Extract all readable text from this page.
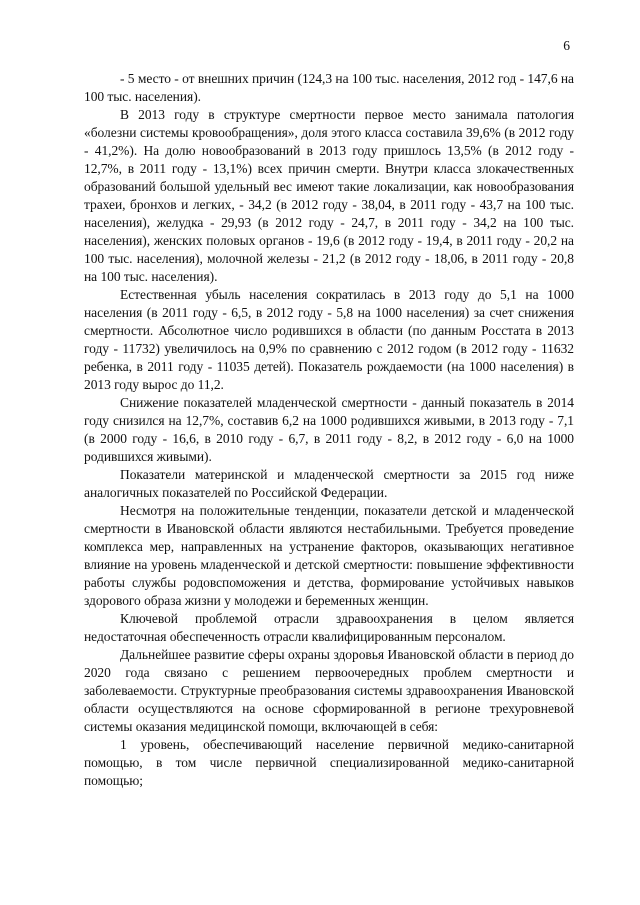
6

- 5 место - от внешних причин (124,3 на 100 тыс. населения, 2012 год - 147,6 на 100 тыс. населения).

В 2013 году в структуре смертности первое место занимала патология «болезни системы кровообращения», доля этого класса составила 39,6% (в 2012 году - 41,2%). На долю новообразований в 2013 году пришлось 13,5% (в 2012 году - 12,7%, в 2011 году - 13,1%) всех причин смерти. Внутри класса злокачественных образований большой удельный вес имеют такие локализации, как новообразования трахеи, бронхов и легких, - 34,2 (в 2012 году - 38,04, в 2011 году - 43,7 на 100 тыс. населения), желудка - 29,93 (в 2012 году - 24,7, в 2011 году - 34,2 на 100 тыс. населения), женских половых органов - 19,6 (в 2012 году - 19,4, в 2011 году - 20,2 на 100 тыс. населения), молочной железы - 21,2 (в 2012 году - 18,06, в 2011 году - 20,8 на 100 тыс. населения).

Естественная убыль населения сократилась в 2013 году до 5,1 на 1000 населения (в 2011 году - 6,5, в 2012 году - 5,8 на 1000 населения) за счет снижения смертности. Абсолютное число родившихся в области (по данным Росстата в 2013 году - 11732) увеличилось на 0,9% по сравнению с 2012 годом (в 2012 году - 11632 ребенка, в 2011 году - 11035 детей). Показатель рождаемости (на 1000 населения) в 2013 году вырос до 11,2.

Снижение показателей младенческой смертности - данный показатель в 2014 году снизился на 12,7%, составив 6,2 на 1000 родившихся живыми, в 2013 году - 7,1 (в 2000 году - 16,6, в 2010 году - 6,7, в 2011 году - 8,2, в 2012 году - 6,0 на 1000 родившихся живыми).

Показатели материнской и младенческой смертности за 2015 год ниже аналогичных показателей по Российской Федерации.

Несмотря на положительные тенденции, показатели детской и младенческой смертности в Ивановской области являются нестабильными. Требуется проведение комплекса мер, направленных на устранение факторов, оказывающих негативное влияние на уровень младенческой и детской смертности: повышение эффективности работы службы родовспоможения и детства, формирование устойчивых навыков здорового образа жизни у молодежи и беременных женщин.

Ключевой проблемой отрасли здравоохранения в целом является недостаточная обеспеченность отрасли квалифицированным персоналом.

Дальнейшее развитие сферы охраны здоровья Ивановской области в период до 2020 года связано с решением первоочередных проблем смертности и заболеваемости. Структурные преобразования системы здравоохранения Ивановской области осуществляются на основе сформированной в регионе трехуровневой системы оказания медицинской помощи, включающей в себя:

1 уровень, обеспечивающий население первичной медико-санитарной помощью, в том числе первичной специализированной медико-санитарной помощью;
